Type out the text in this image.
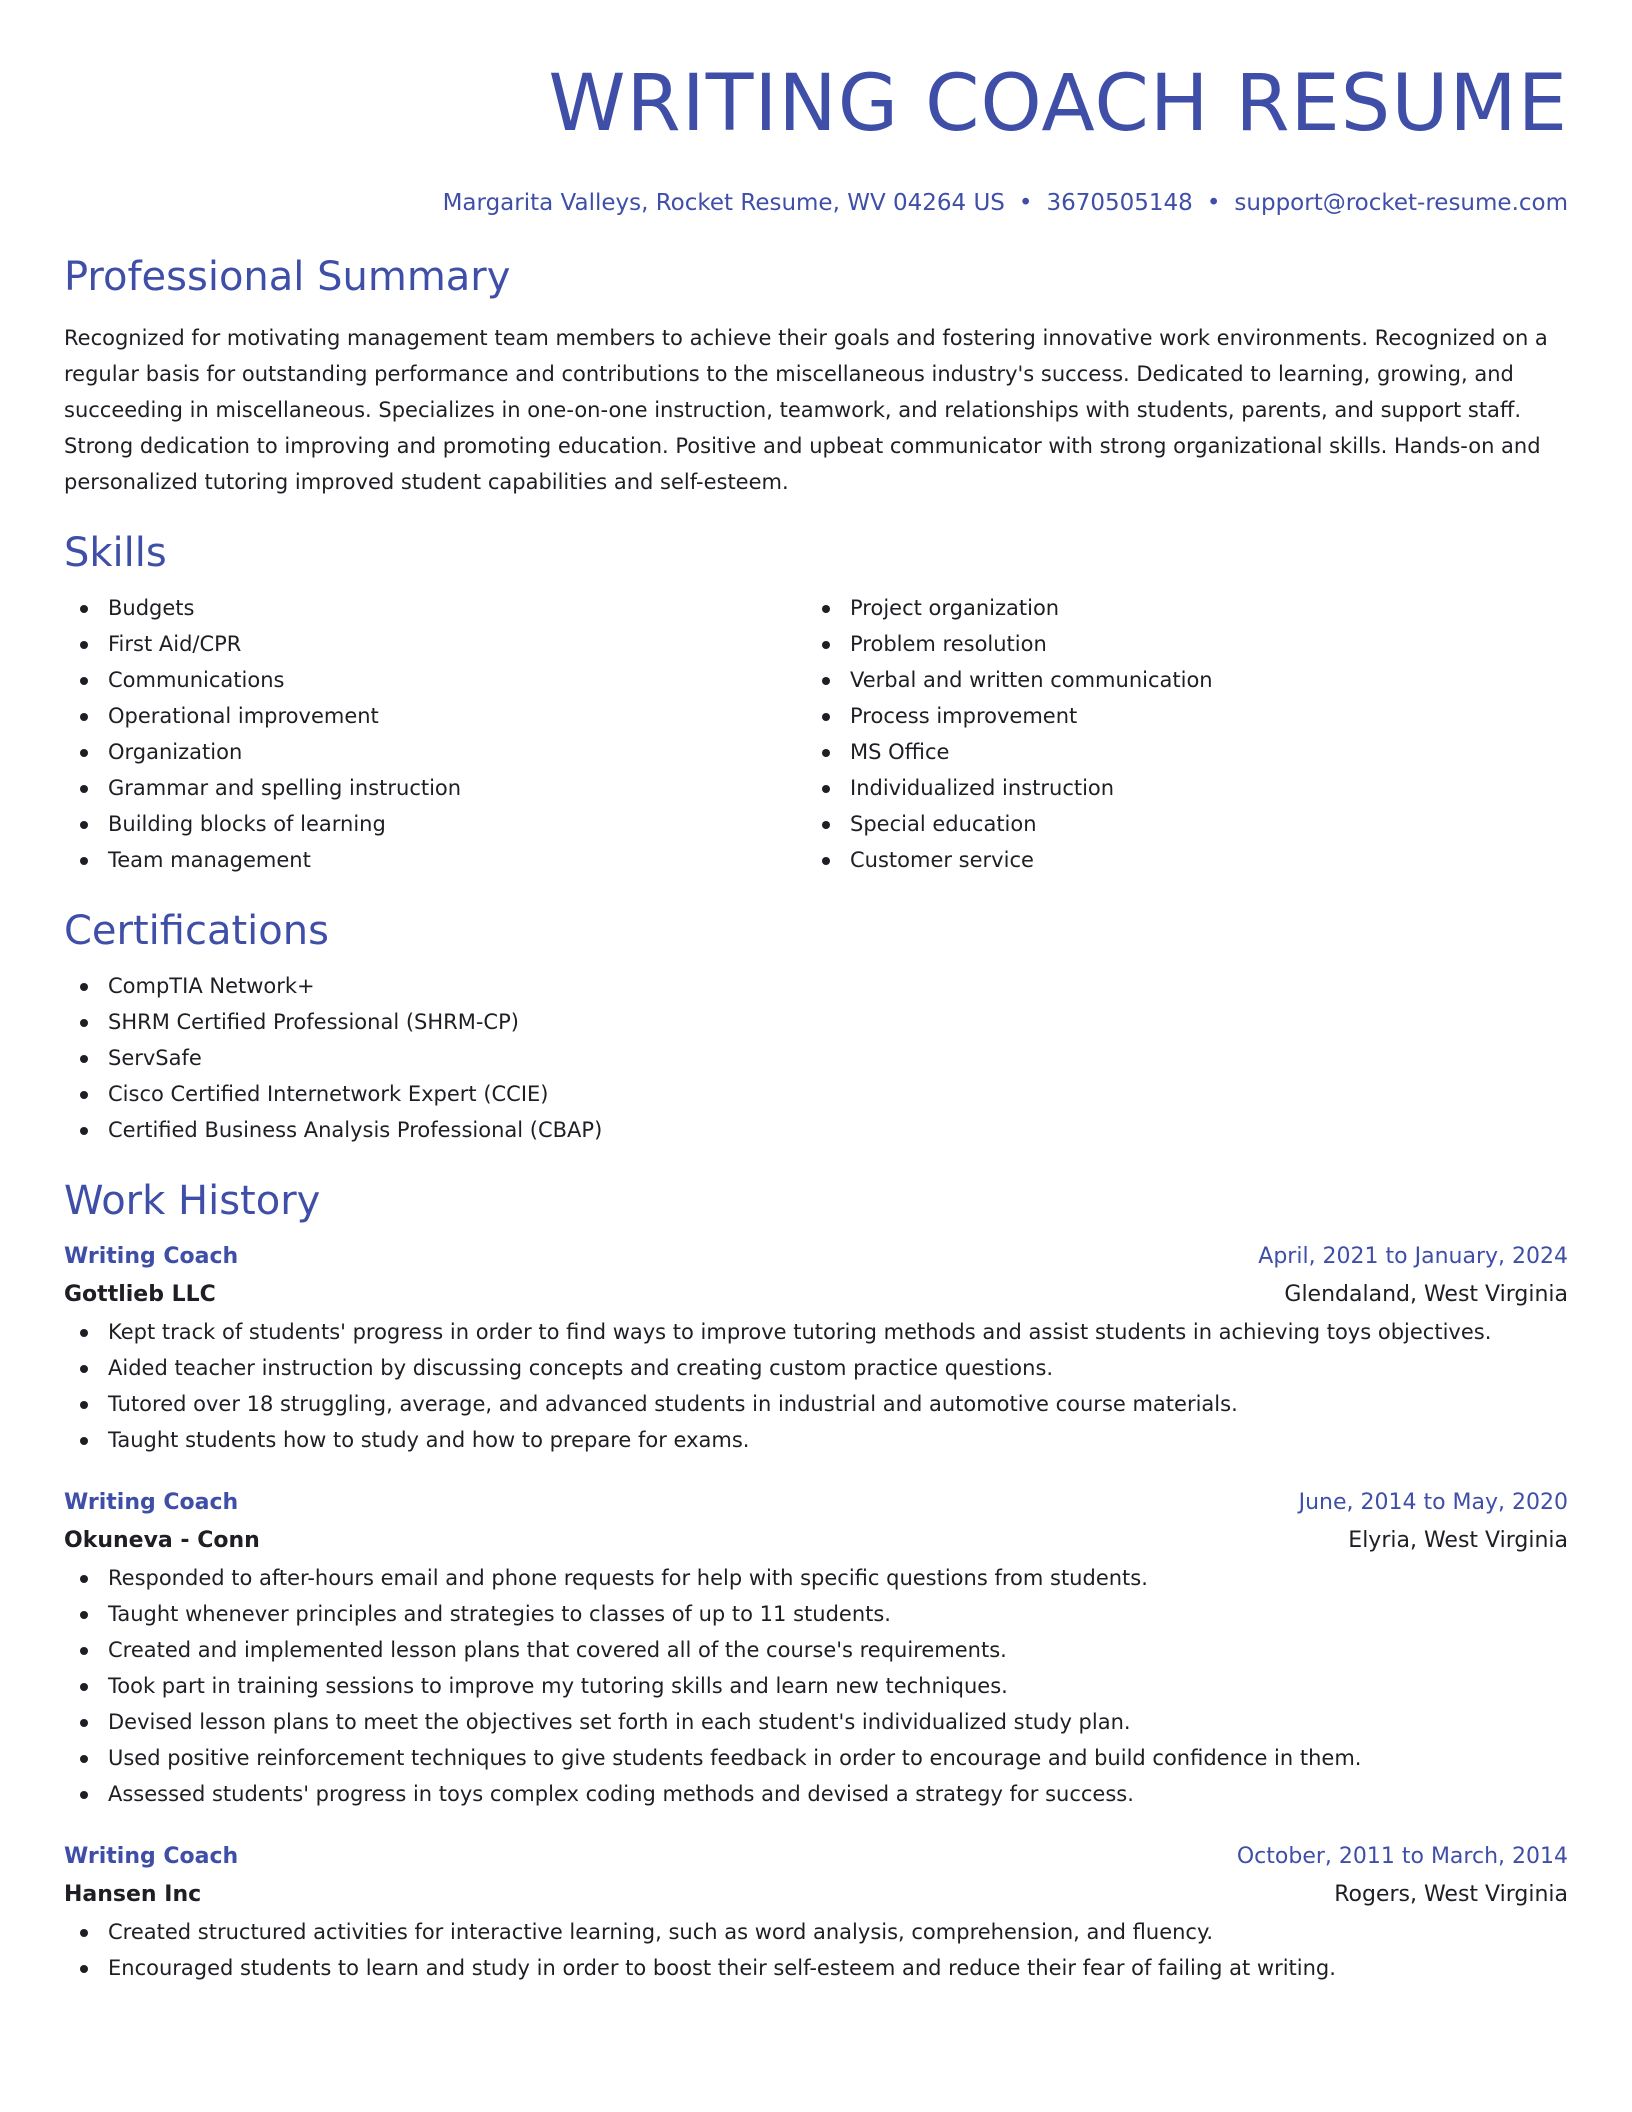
WRITING COACH RESUME
Margarita Valleys, Rocket Resume, WV 04264 US • 3670505148 • support@rocket-resume.com
Professional Summary

Recognized for motivating management team members to achieve their goals and fostering innovative work environments. Recognized on a regular basis for outstanding performance and contributions to the miscellaneous industry's success. Dedicated to learning, growing, and succeeding in miscellaneous. Specializes in one-on-one instruction, teamwork, and relationships with students, parents, and support staff. Strong dedication to improving and promoting education. Positive and upbeat communicator with strong organizational skills. Hands-on and personalized tutoring improved student capabilities and self-esteem.

Skills
Budgets
First Aid/CPR
Communications
Operational improvement
Organization
Grammar and spelling instruction
Building blocks of learning
Team management
Project organization
Problem resolution
Verbal and written communication
Process improvement
MS Office
Individualized instruction
Special education
Customer service
Certifications
CompTIA Network+
SHRM Certified Professional (SHRM-CP)
ServSafe
Cisco Certified Internetwork Expert (CCIE)
Certified Business Analysis Professional (CBAP)
Work History
Writing Coach	April, 2021 to January, 2024
Gottlieb LLC	Glendaland, West Virginia
Kept track of students' progress in order to find ways to improve tutoring methods and assist students in achieving toys objectives.
Aided teacher instruction by discussing concepts and creating custom practice questions.
Tutored over 18 struggling, average, and advanced students in industrial and automotive course materials.
Taught students how to study and how to prepare for exams.
Writing Coach	June, 2014 to May, 2020
Okuneva - Conn	Elyria, West Virginia
Responded to after-hours email and phone requests for help with specific questions from students.
Taught whenever principles and strategies to classes of up to 11 students.
Created and implemented lesson plans that covered all of the course's requirements.
Took part in training sessions to improve my tutoring skills and learn new techniques.
Devised lesson plans to meet the objectives set forth in each student's individualized study plan.
Used positive reinforcement techniques to give students feedback in order to encourage and build confidence in them.
Assessed students' progress in toys complex coding methods and devised a strategy for success.
Writing Coach	October, 2011 to March, 2014
Hansen Inc	Rogers, West Virginia
Created structured activities for interactive learning, such as word analysis, comprehension, and fluency.
Encouraged students to learn and study in order to boost their self-esteem and reduce their fear of failing at writing.
